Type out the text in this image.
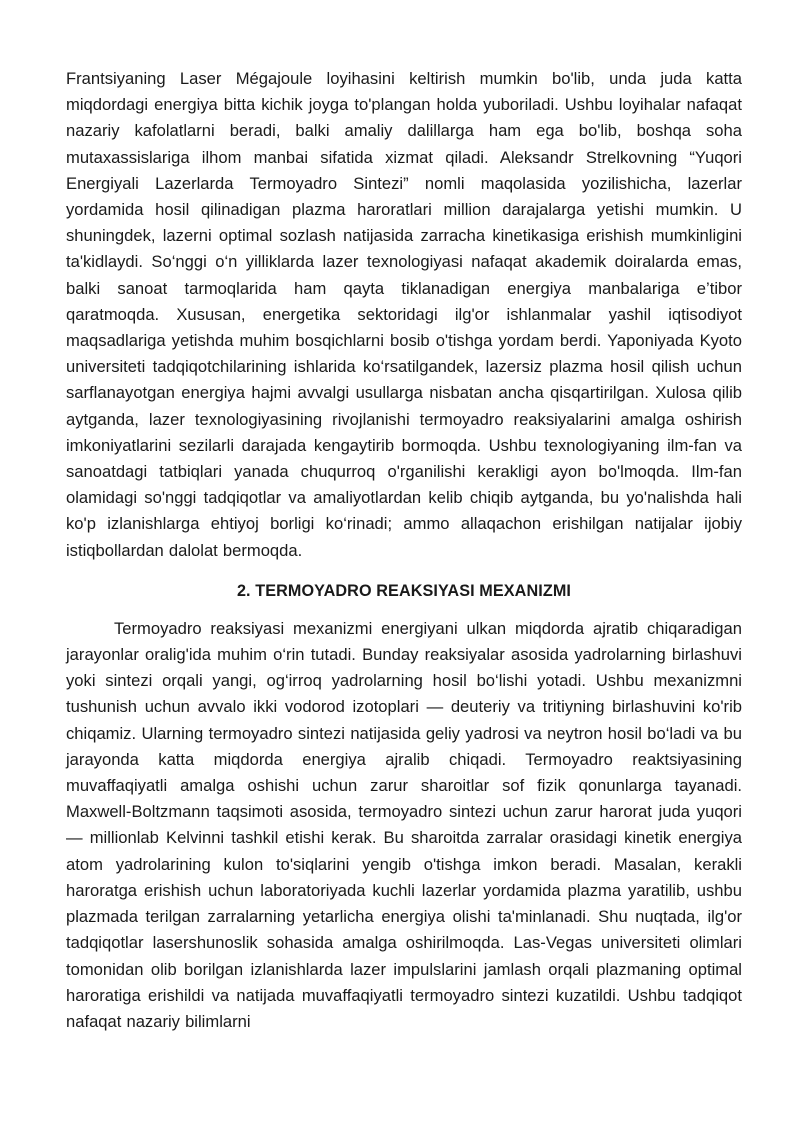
Frantsiyaning Laser Mégajoule loyihasini keltirish mumkin bo'lib, unda juda katta miqdordagi energiya bitta kichik joyga to'plangan holda yuboriladi. Ushbu loyihalar nafaqat nazariy kafolatlarni beradi, balki amaliy dalillarga ham ega bo'lib, boshqa soha mutaxassislariga ilhom manbai sifatida xizmat qiladi. Aleksandr Strelkovning “Yuqori Energiyali Lazerlarda Termoyadro Sintezi” nomli maqolasida yozilishicha, lazerlar yordamida hosil qilinadigan plazma haroratlari million darajalarga yetishi mumkin. U shuningdek, lazerni optimal sozlash natijasida zarracha kinetikasiga erishish mumkinligini ta'kidlaydi. So‘nggi o‘n yilliklarda lazer texnologiyasi nafaqat akademik doiralarda emas, balki sanoat tarmoqlarida ham qayta tiklanadigan energiya manbalariga e’tibor qaratmoqda. Xususan, energetika sektoridagi ilg'or ishlanmalar yashil iqtisodiyot maqsadlariga yetishda muhim bosqichlarni bosib o'tishga yordam berdi. Yaponiyada Kyoto universiteti tadqiqotchilarining ishlarida ko‘rsatilgandek, lazersiz plazma hosil qilish uchun sarflanayotgan energiya hajmi avvalgi usullarga nisbatan ancha qisqartirilgan. Xulosa qilib aytganda, lazer texnologiyasining rivojlanishi termoyadro reaksiyalarini amalga oshirish imkoniyatlarini sezilarli darajada kengaytirib bormoqda. Ushbu texnologiyaning ilm-fan va sanoatdagi tatbiqlari yanada chuqurroq o'rganilishi kerakligi ayon bo'lmoqda. Ilm-fan olamidagi so'nggi tadqiqotlar va amaliyotlardan kelib chiqib aytganda, bu yo'nalishda hali ko'p izlanishlarga ehtiyoj borligi ko‘rinadi; ammo allaqachon erishilgan natijalar ijobiy istiqbollardan dalolat bermoqda.

2. TERMOYADRO REAKSIYASI MEXANIZMI

Termoyadro reaksiyasi mexanizmi energiyani ulkan miqdorda ajratib chiqaradigan jarayonlar oralig'ida muhim o‘rin tutadi. Bunday reaksiyalar asosida yadrolarning birlashuvi yoki sintezi orqali yangi, og‘irroq yadrolarning hosil bo‘lishi yotadi. Ushbu mexanizmni tushunish uchun avvalo ikki vodorod izotoplari — deuteriy va tritiyning birlashuvini ko'rib chiqamiz. Ularning termoyadro sintezi natijasida geliy yadrosi va neytron hosil bo‘ladi va bu jarayonda katta miqdorda energiya ajralib chiqadi. Termoyadro reaktsiyasining muvaffaqiyatli amalga oshishi uchun zarur sharoitlar sof fizik qonunlarga tayanadi. Maxwell-Boltzmann taqsimoti asosida, termoyadro sintezi uchun zarur harorat juda yuqori — millionlab Kelvinni tashkil etishi kerak. Bu sharoitda zarralar orasidagi kinetik energiya atom yadrolarining kulon to'siqlarini yengib o'tishga imkon beradi. Masalan, kerakli haroratga erishish uchun laboratoriyada kuchli lazerlar yordamida plazma yaratilib, ushbu plazmada terilgan zarralarning yetarlicha energiya olishi ta'minlanadi. Shu nuqtada, ilg'or tadqiqotlar lasershunoslik sohasida amalga oshirilmoqda. Las-Vegas universiteti olimlari tomonidan olib borilgan izlanishlarda lazer impulslarini jamlash orqali plazmaning optimal haroratiga erishildi va natijada muvaffaqiyatli termoyadro sintezi kuzatildi. Ushbu tadqiqot nafaqat nazariy bilimlarni
